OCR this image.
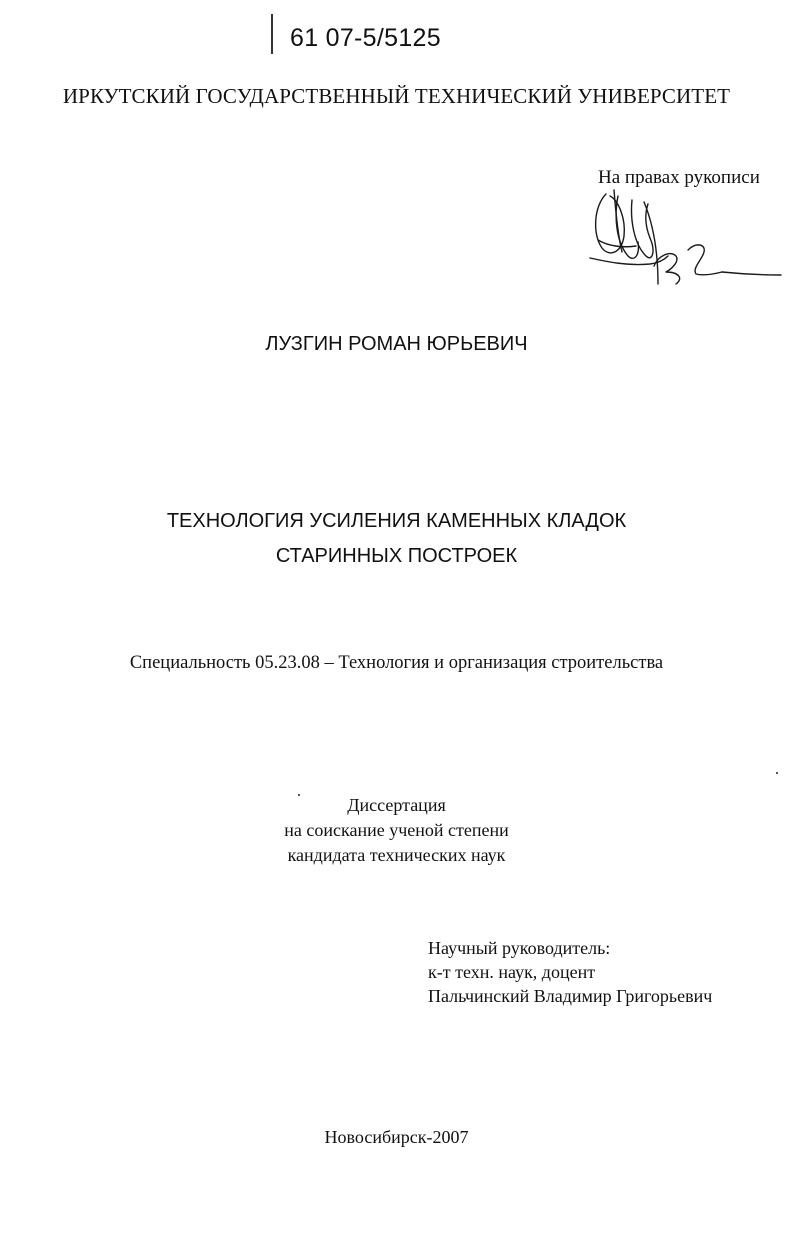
61 07-5/5125
ИРКУТСКИЙ ГОСУДАРСТВЕННЫЙ ТЕХНИЧЕСКИЙ УНИВЕРСИТЕТ
На правах рукописи
ЛУЗГИН РОМАН ЮРЬЕВИЧ
ТЕХНОЛОГИЯ УСИЛЕНИЯ КАМЕННЫХ КЛАДОК
СТАРИННЫХ ПОСТРОЕК
Специальность 05.23.08 – Технология и организация строительства
Диссертация
на соискание ученой степени
кандидата технических наук
Научный руководитель:
к-т техн. наук, доцент
Пальчинский Владимир Григорьевич
Новосибирск-2007
